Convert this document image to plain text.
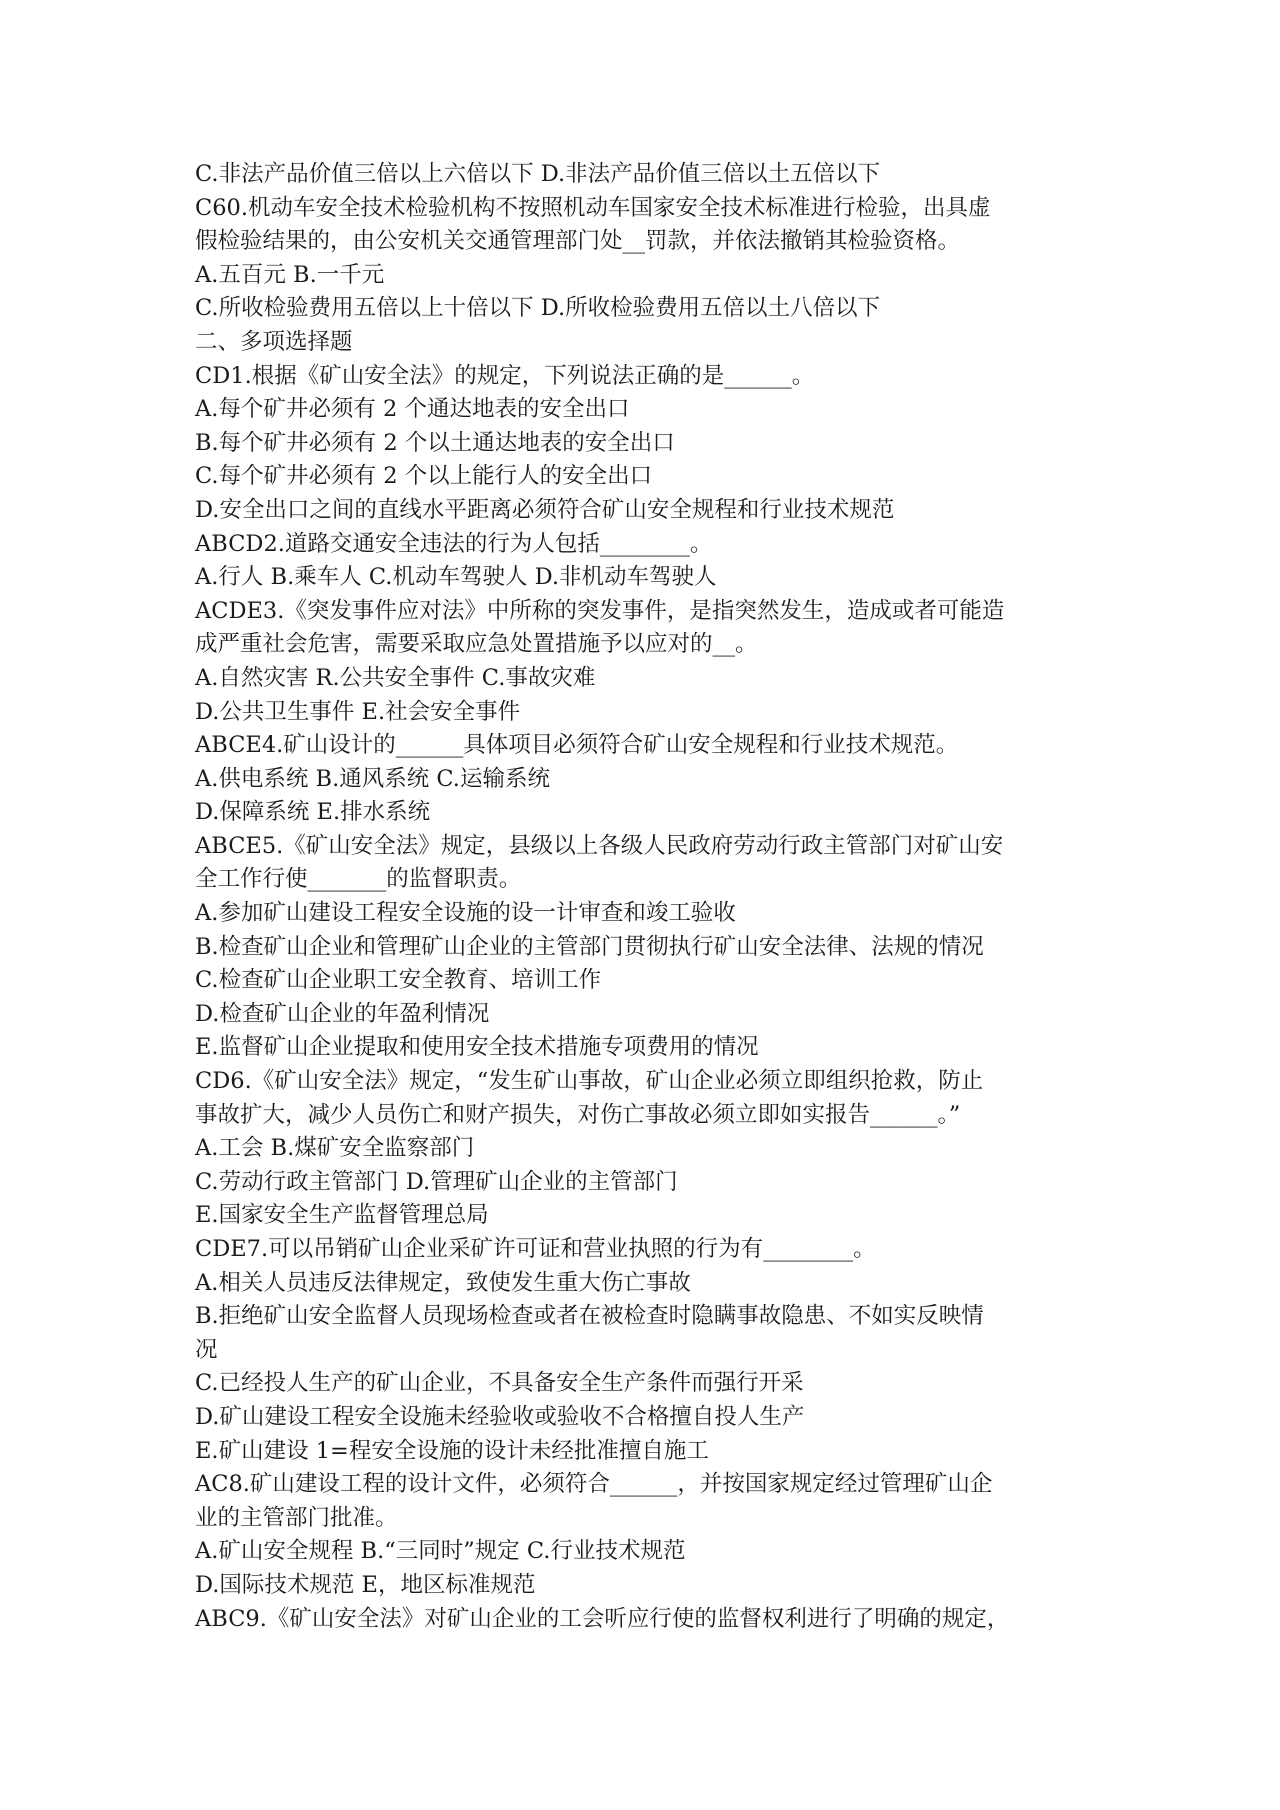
C.非法产品价值三倍以上六倍以下 D.非法产品价值三倍以土五倍以下
C60.机动车安全技术检验机构不按照机动车国家安全技术标准进行检验，出具虚
假检验结果的，由公安机关交通管理部门处__罚款，并依法撤销其检验资格。
A.五百元 B.一千元
C.所收检验费用五倍以上十倍以下 D.所收检验费用五倍以土八倍以下
二、多项选择题
CD1.根据《矿山安全法》的规定，下列说法正确的是______。
A.每个矿井必须有 2 个通达地表的安全出口
B.每个矿井必须有 2 个以土通达地表的安全出口
C.每个矿井必须有 2 个以上能行人的安全出口
D.安全出口之间的直线水平距离必须符合矿山安全规程和行业技术规范
ABCD2.道路交通安全违法的行为人包括________。
A.行人 B.乘车人 C.机动车驾驶人 D.非机动车驾驶人
ACDE3.《突发事件应对法》中所称的突发事件，是指突然发生，造成或者可能造
成严重社会危害，需要采取应急处置措施予以应对的__。
A.自然灾害 R.公共安全事件 C.事故灾难
D.公共卫生事件 E.社会安全事件
ABCE4.矿山设计的______具体项目必须符合矿山安全规程和行业技术规范。
A.供电系统 B.通风系统 C.运输系统
D.保障系统 E.排水系统
ABCE5.《矿山安全法》规定，县级以上各级人民政府劳动行政主管部门对矿山安
全工作行使_______的监督职责。
A.参加矿山建设工程安全设施的设一计审查和竣工验收
B.检查矿山企业和管理矿山企业的主管部门贯彻执行矿山安全法律、法规的情况
C.检查矿山企业职工安全教育、培训工作
D.检查矿山企业的年盈利情况
E.监督矿山企业提取和使用安全技术措施专项费用的情况
CD6.《矿山安全法》规定，“发生矿山事故，矿山企业必须立即组织抢救，防止
事故扩大，减少人员伤亡和财产损失，对伤亡事故必须立即如实报告______。”
A.工会 B.煤矿安全监察部门
C.劳动行政主管部门 D.管理矿山企业的主管部门
E.国家安全生产监督管理总局
CDE7.可以吊销矿山企业采矿许可证和营业执照的行为有________。
A.相关人员违反法律规定，致使发生重大伤亡事故
B.拒绝矿山安全监督人员现场检查或者在被检查时隐瞒事故隐患、不如实反映情
况
C.已经投人生产的矿山企业，不具备安全生产条件而强行开采
D.矿山建设工程安全设施未经验收或验收不合格擅自投人生产
E.矿山建设 1=程安全设施的设计未经批准擅自施工
AC8.矿山建设工程的设计文件，必须符合______，并按国家规定经过管理矿山企
业的主管部门批准。
A.矿山安全规程 B.“三同时”规定 C.行业技术规范
D.国际技术规范 E，地区标准规范
ABC9.《矿山安全法》对矿山企业的工会听应行使的监督权利进行了明确的规定，
